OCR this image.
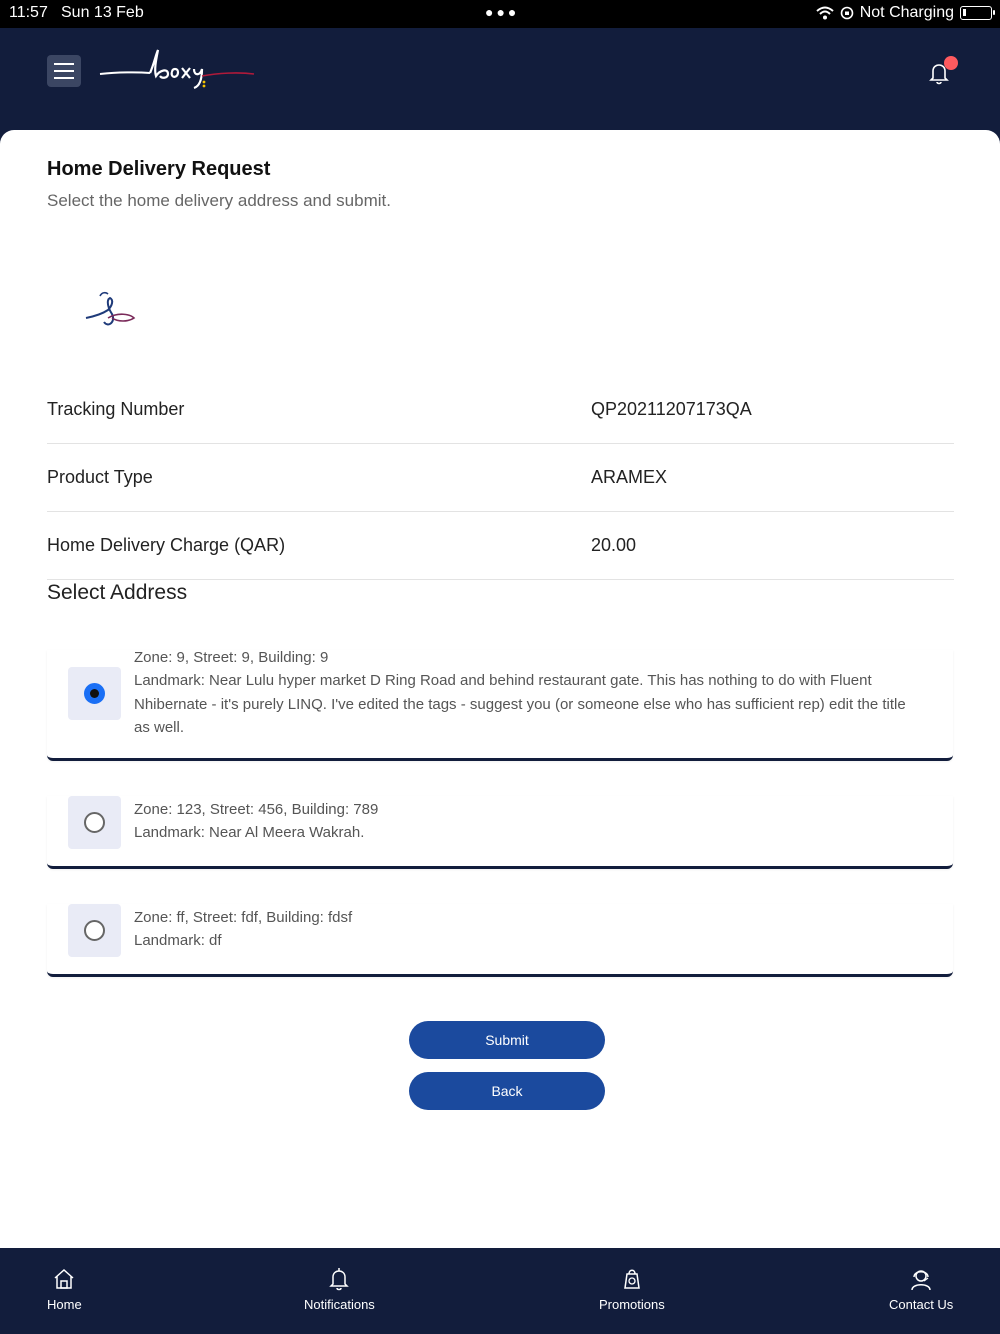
11:57 Sun 13 Feb	●●●	Not Charging
Home Delivery Request
Select the home delivery address and submit.
Tracking Number	QP20211207173QA
Product Type	ARAMEX
Home Delivery Charge (QAR)	20.00
Select Address
Zone: 9, Street: 9, Building: 9
Landmark: Near Lulu hyper market D Ring Road and behind restaurant gate. This has nothing to do with Fluent Nhibernate - it's purely LINQ. I've edited the tags - suggest you (or someone else who has sufficient rep) edit the title as well.
Zone: 123, Street: 456, Building: 789
Landmark: Near Al Meera Wakrah.
Zone: ff, Street: fdf, Building: fdsf
Landmark: df
Submit
Back
Home	Notifications	Promotions	Contact Us
